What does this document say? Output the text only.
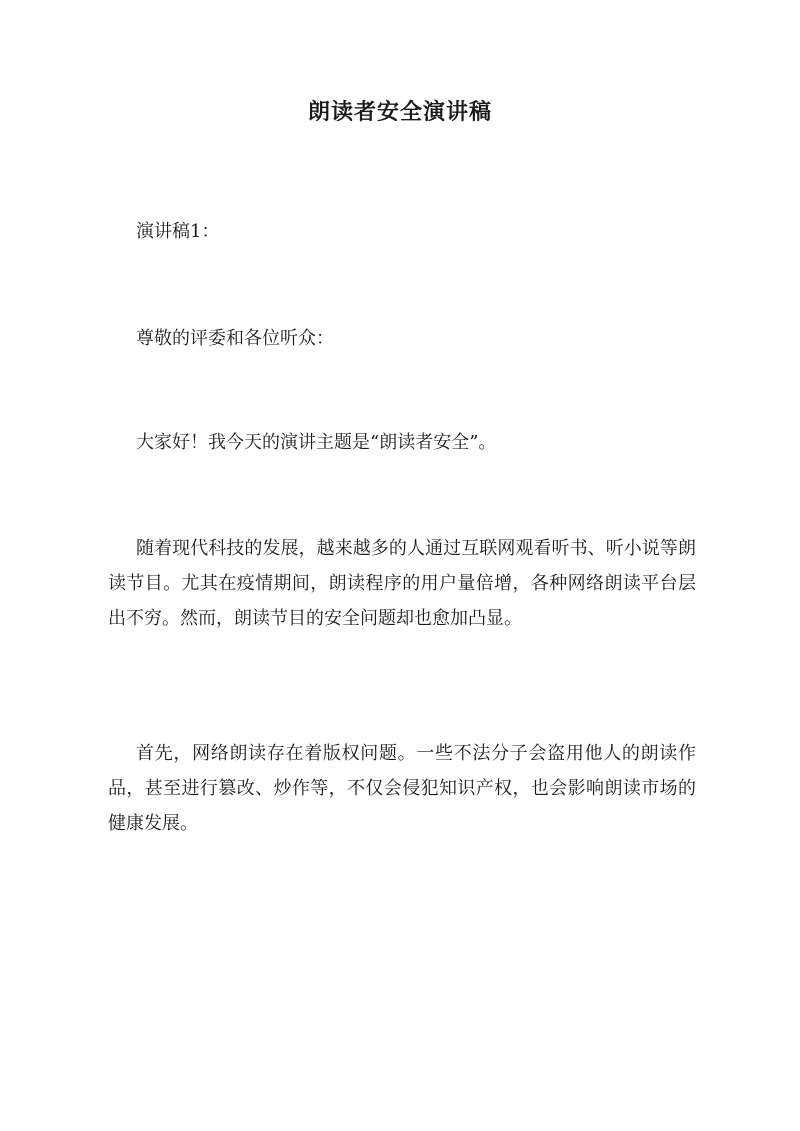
朗读者安全演讲稿

演讲稿1：

尊敬的评委和各位听众：

大家好！我今天的演讲主题是“朗读者安全”。

随着现代科技的发展，越来越多的人通过互联网观看听书、听小说等朗读节目。尤其在疫情期间，朗读程序的用户量倍增，各种网络朗读平台层出不穷。然而，朗读节目的安全问题却也愈加凸显。

首先，网络朗读存在着版权问题。一些不法分子会盗用他人的朗读作品，甚至进行篡改、炒作等，不仅会侵犯知识产权，也会影响朗读市场的健康发展。
